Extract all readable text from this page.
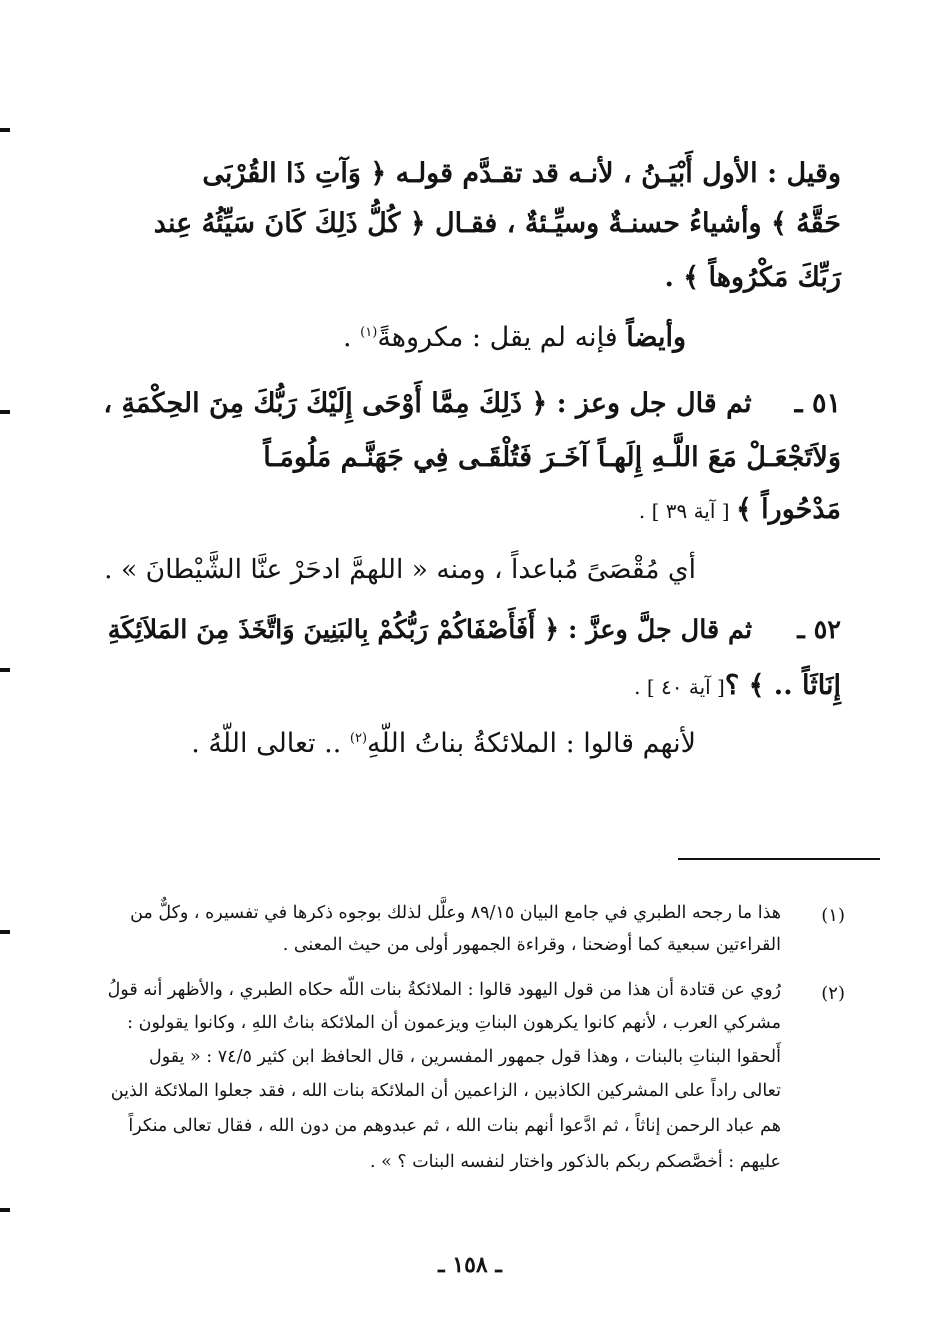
وقيل : الأول أَبْيَـنُ ، لأنـه قد تقـدَّم قولـه ﴿ وَآتِ ذَا القُرْبَى
حَقَّهُ ﴾ وأشياءُ حسنـةٌ وسيِّـئةٌ ، فقـال ﴿ كُلُّ ذَلِكَ كَانَ سَيِّئُهُ عِند
رَبِّكَ مَكْرُوهاً ﴾ .
وأيضاً فإنه لم يقل : مكروهةً$^{(١)}$ .
٥١ ـ ثم قال جل وعز : ﴿ ذَلِكَ مِمَّا أَوْحَى إِلَيْكَ رَبُّكَ مِنَ الحِكْمَةِ ،
وَلاَتَجْعَـلْ مَعَ اللَّـهِ إِلَهـاً آخَـرَ فَتُلْقَـى فِي جَهَنَّـم مَلُومَـاً
مَدْحُوراً ﴾ [ آية ٣٩ ] .
أي مُقْصَىً مُباعداً ، ومنه « اللهمَّ ادحَرْ عنَّا الشَّيْطانَ » .
٥٢ ـ ثم قال جلَّ وعزَّ : ﴿ أَفَأَصْفَاكُمْ رَبُّكُمْ بِالبَنِينَ وَاتَّخَذَ مِنَ المَلاَئِكَةِ
إِنَاثَاً .. ﴾ ؟[ آية ٤٠ ] .
لأنهم قالوا : الملائكةُ بناتُ اللّهِ$^{(٢)}$ .. تعالى اللّهُ .
(١)
هذا ما رجحه الطبري في جامع البيان ٨٩/١٥ وعلَّل لذلك بوجوه ذكرها في تفسيره ، وكلٌّ من
القراءتين سبعية كما أوضحنا ، وقراءة الجمهور أولى من حيث المعنى .
(٢)
رُوي عن قتادة أن هذا من قول اليهود قالوا : الملائكةُ بنات اللّه حكاه الطبري ، والأظهر أنه قولُ
مشركي العرب ، لأنهم كانوا يكرهون البناتِ ويزعمون أن الملائكة بناتُ اللهِ ، وكانوا يقولون :
أَلحقوا البناتِ بالبنات ، وهذا قول جمهور المفسرين ، قال الحافظ ابن كثير ٧٤/٥ : « يقول
تعالى راداً على المشركين الكاذبين ، الزاعمين أن الملائكة بنات الله ، فقد جعلوا الملائكة الذين
هم عباد الرحمن إناثاً ، ثم ادَّعوا أنهم بنات الله ، ثم عبدوهم من دون الله ، فقال تعالى منكراً
عليهم : أخصَّصكم ربكم بالذكور واختار لنفسه البنات ؟ » .
ـ ١٥٨ ـ
